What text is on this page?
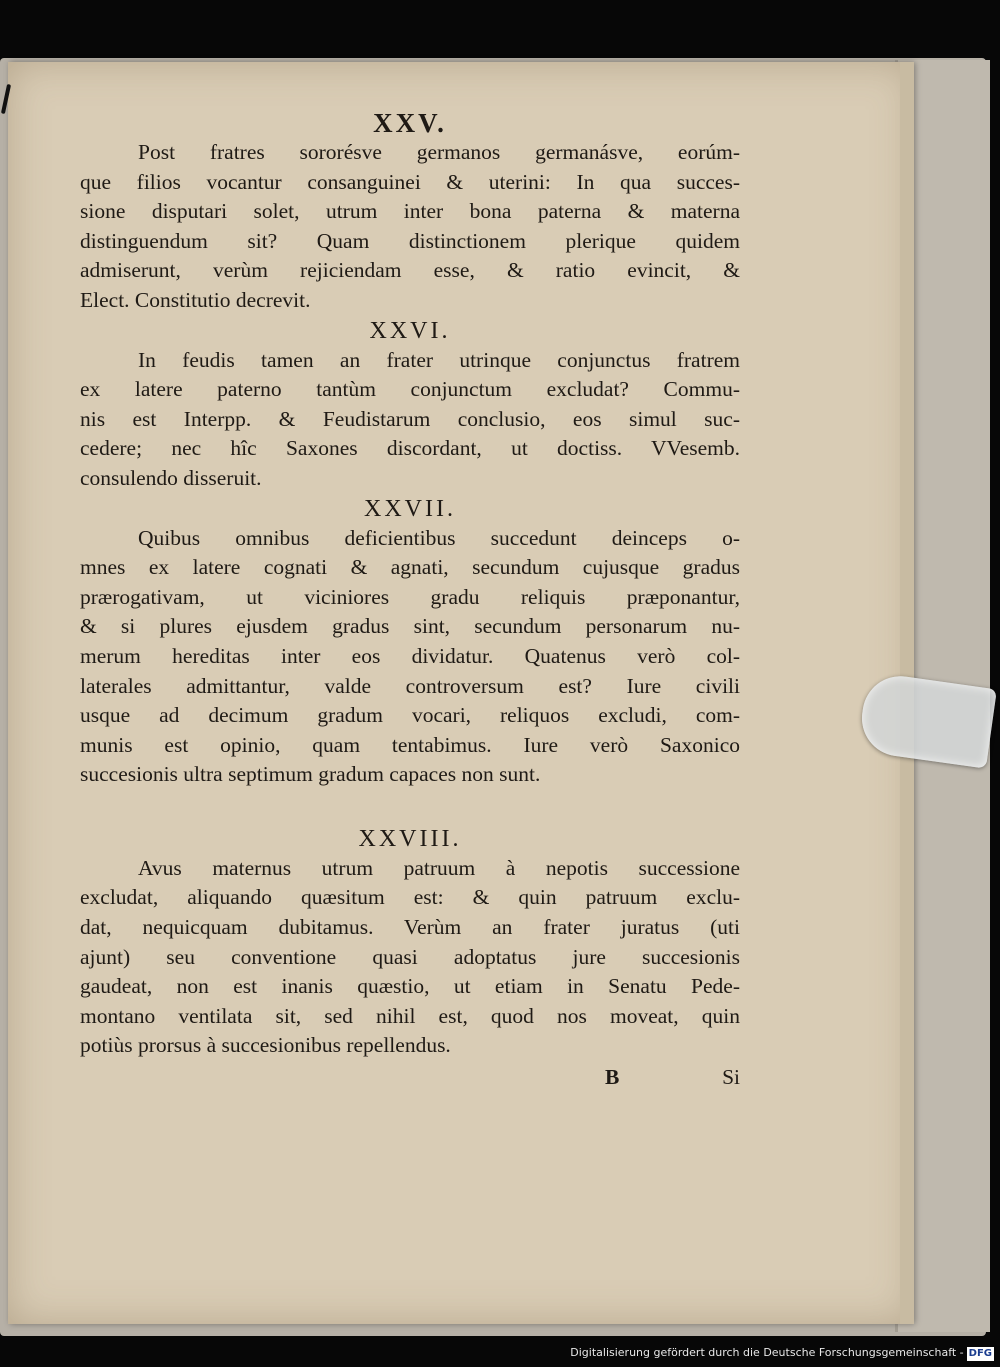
XXV.
Post fratres sororésve germanos germanásve, eorúm-
que filios vocantur consanguinei & uterini: In qua succes-
sione disputari solet, utrum inter bona paterna & materna
distinguendum sit? Quam distinctionem plerique quidem
admiserunt, verùm rejiciendam esse, & ratio evincit, &
Elect. Constitutio decrevit.
XXVI.
In feudis tamen an frater utrinque conjunctus fratrem
ex latere paterno tantùm conjunctum excludat? Commu-
nis est Interpp. & Feudistarum conclusio, eos simul suc-
cedere; nec hîc Saxones discordant, ut doctiss. VVesemb.
consulendo disseruit.
XXVII.
Quibus omnibus deficientibus succedunt deinceps o-
mnes ex latere cognati & agnati, secundum cujusque gradus
prærogativam, ut viciniores gradu reliquis præponantur,
& si plures ejusdem gradus sint, secundum personarum nu-
merum hereditas inter eos dividatur. Quatenus verò col-
laterales admittantur, valde controversum est? Iure civili
usque ad decimum gradum vocari, reliquos excludi, com-
munis est opinio, quam tentabimus. Iure verò Saxonico
succesionis ultra septimum gradum capaces non sunt.
XXVIII.
Avus maternus utrum patruum à nepotis successione
excludat, aliquando quæsitum est: & quin patruum exclu-
dat, nequicquam dubitamus. Verùm an frater juratus (uti
ajunt) seu conventione quasi adoptatus jure succesionis
gaudeat, non est inanis quæstio, ut etiam in Senatu Pede-
montano ventilata sit, sed nihil est, quod nos moveat, quin
potiùs prorsus à succesionibus repellendus.
B	Si
Digitalisierung gefördert durch die Deutsche Forschungsgemeinschaft - DFG
